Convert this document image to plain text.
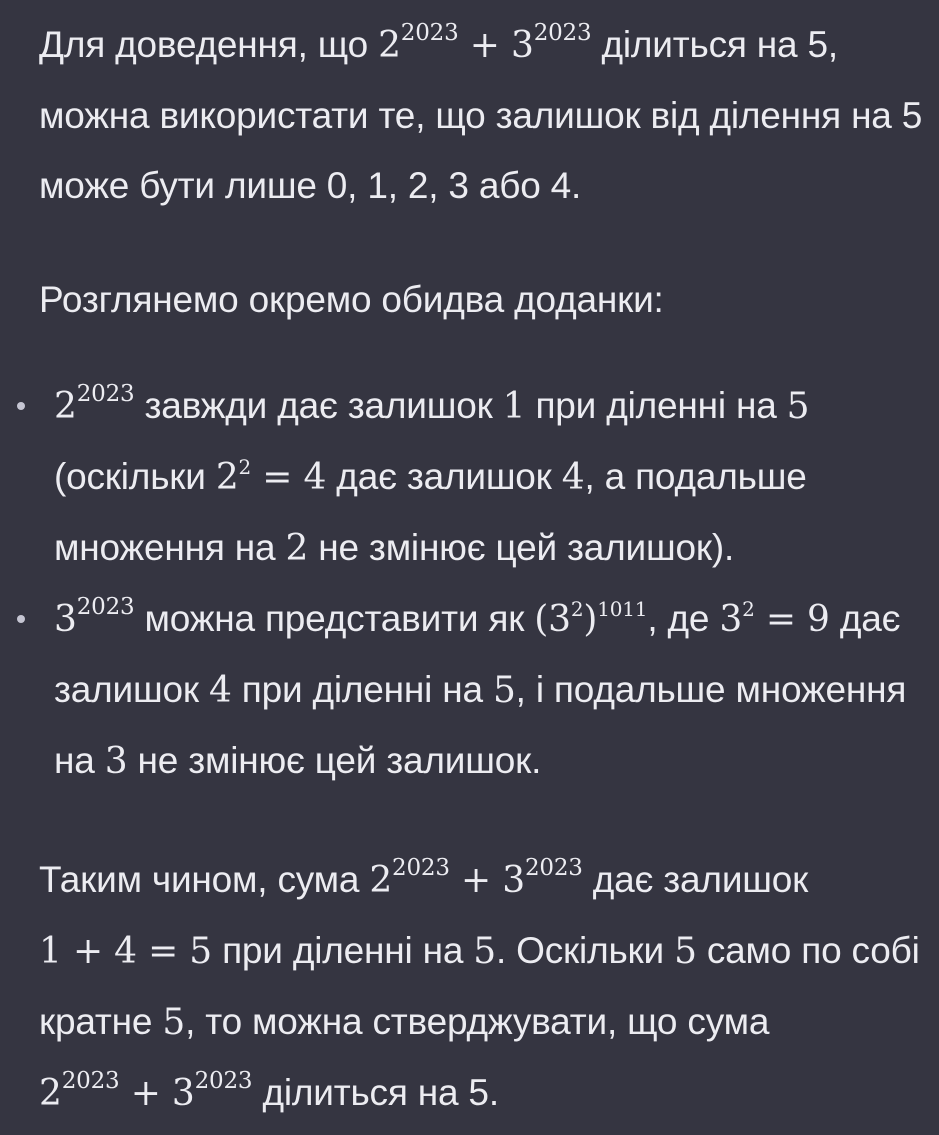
Для доведення, що $2^{2023} + 3^{2023}$ ділиться на 5, можна використати те, що залишок від ділення на 5 може бути лише 0, 1, 2, 3 або 4.

Розглянемо окремо обидва доданки:

$2^{2023}$ завжди дає залишок 1 при діленні на 5 (оскільки $2^2 = 4$ дає залишок 4, а подальше множення на 2 не змінює цей залишок).
$3^{2023}$ можна представити як $(3^2)^{1011}$, де $3^2 = 9$ дає залишок 4 при діленні на 5, і подальше множення на 3 не змінює цей залишок.

Таким чином, сума $2^{2023} + 3^{2023}$ дає залишок 1 + 4 = 5 при діленні на 5. Оскільки 5 само по собі кратне 5, то можна стверджувати, що сума $2^{2023} + 3^{2023}$ ділиться на 5.
